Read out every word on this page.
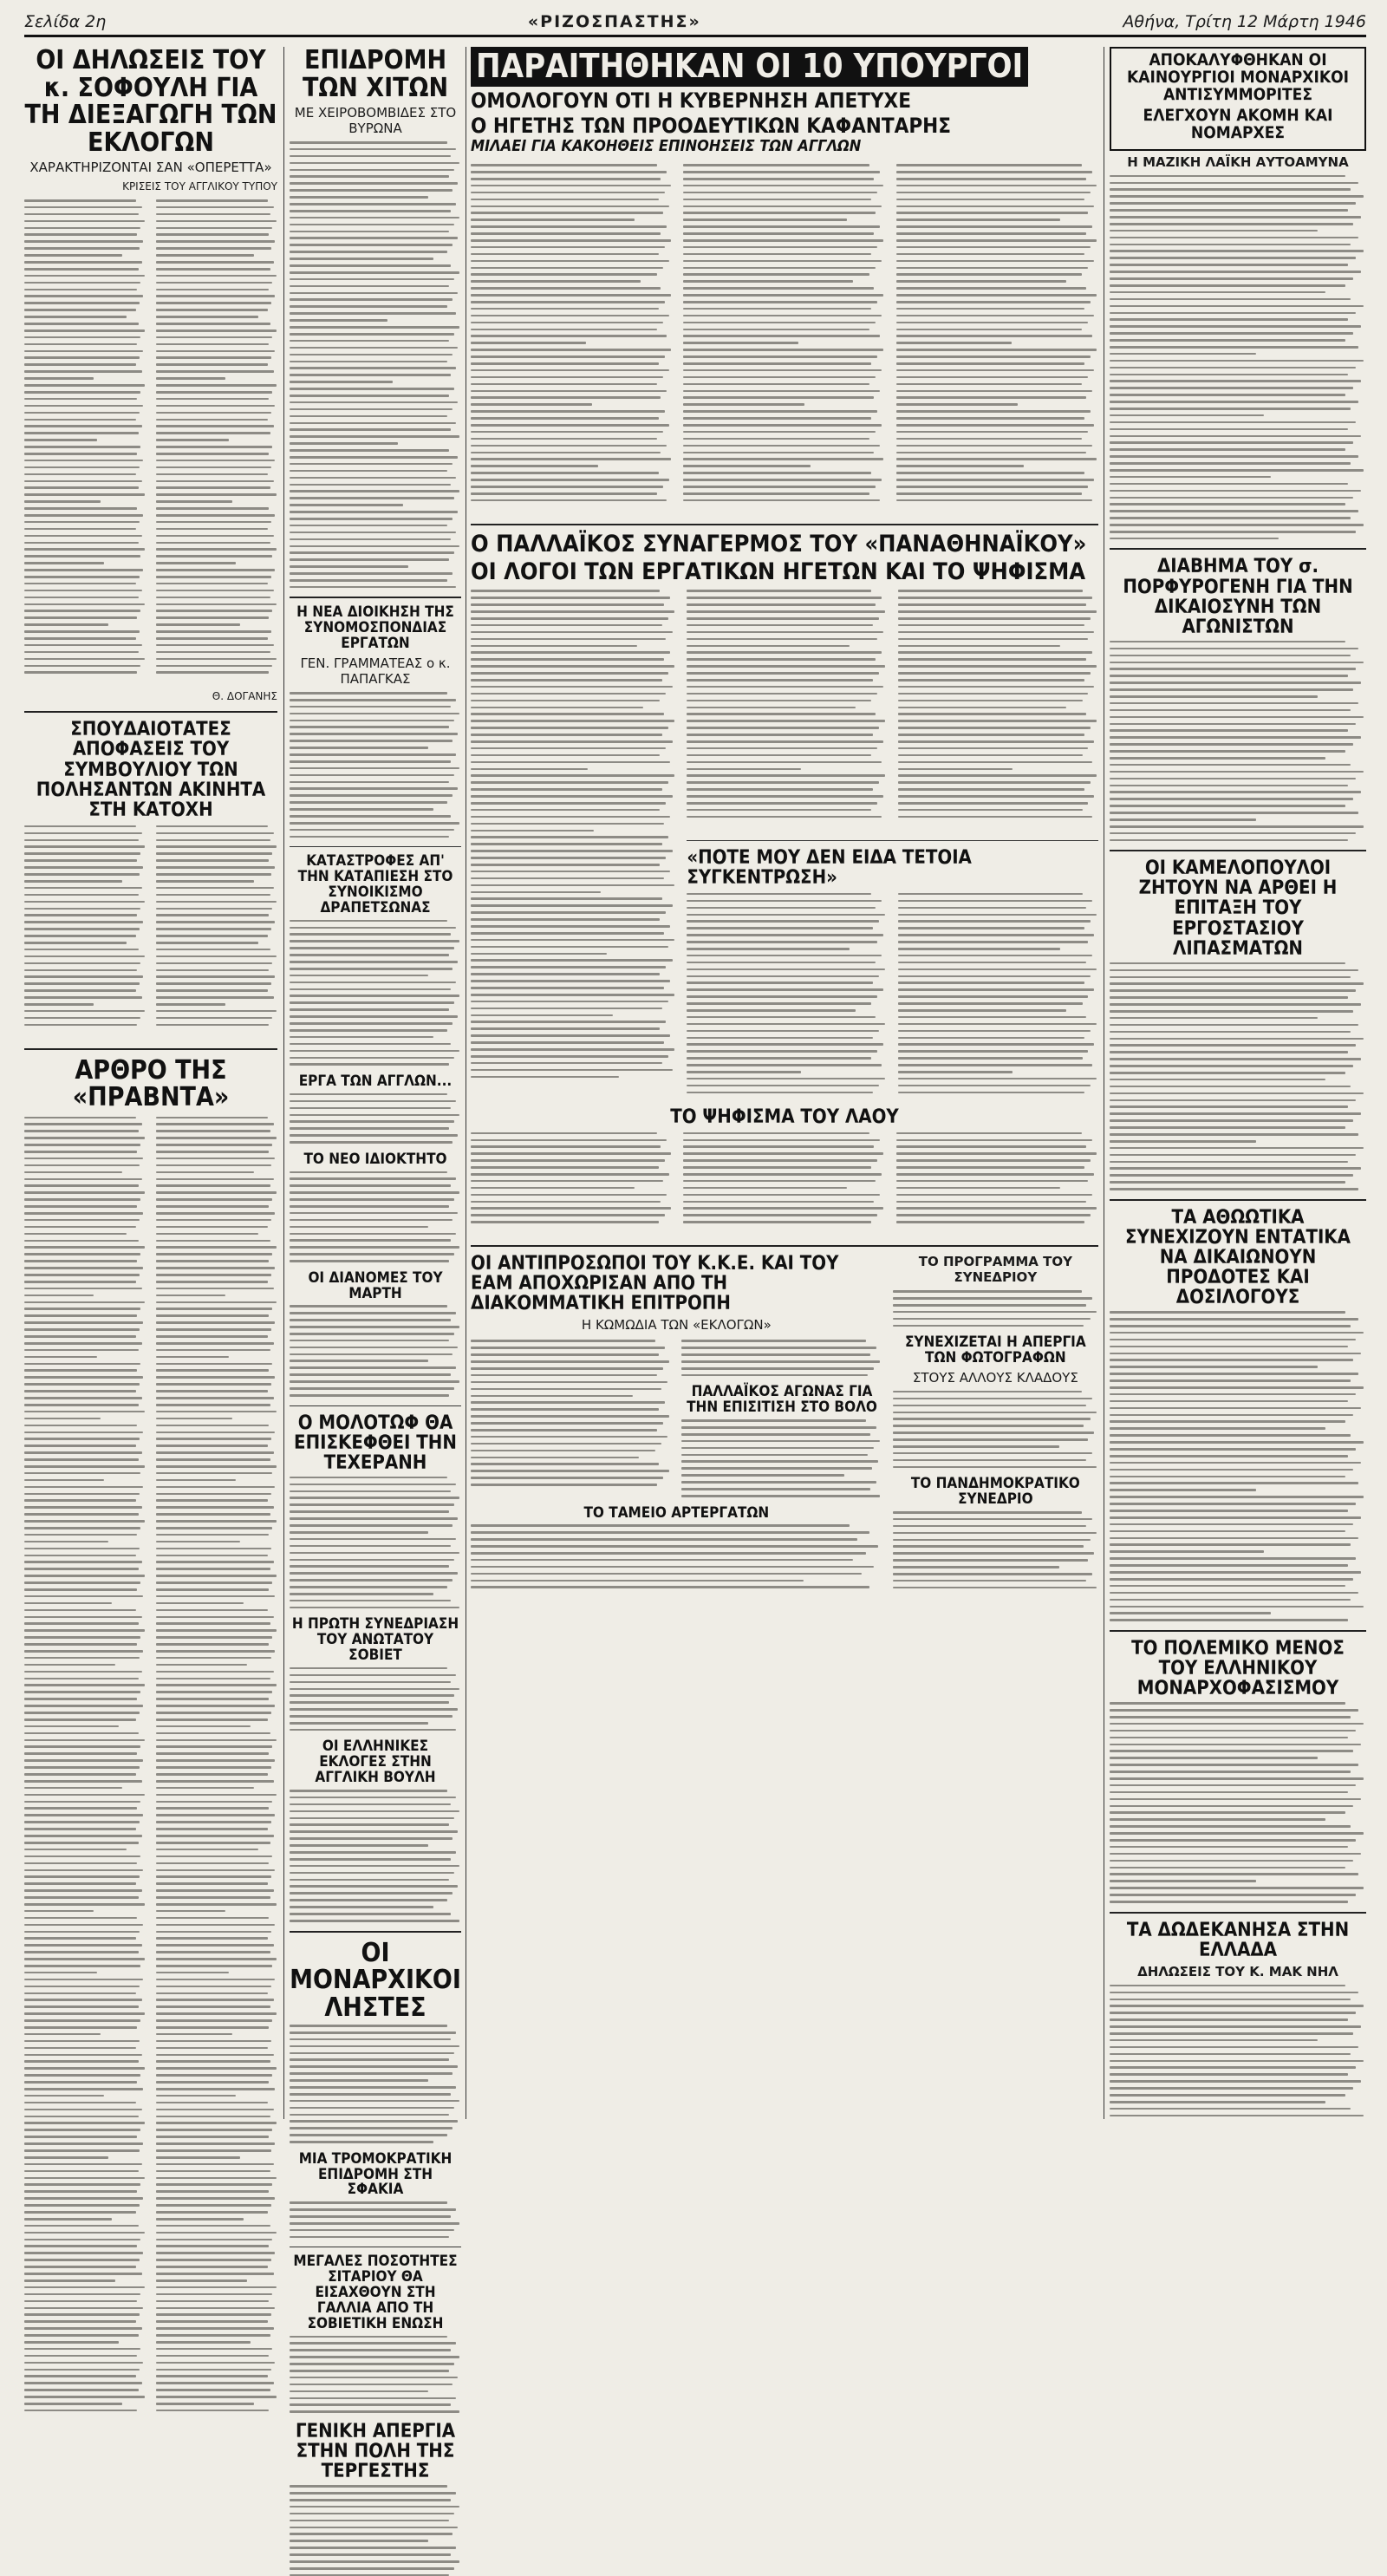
Σελίδα 2η	«ΡΙΖΟΣΠΑΣΤΗΣ»	Αθήνα, Τρίτη 12 Μάρτη 1946
ΟΙ ΔΗΛΩΣΕΙΣ ΤΟΥ κ. ΣΟΦΟΥΛΗ ΓΙΑ ΤΗ ΔΙΕΞΑΓΩΓΗ ΤΩΝ ΕΚΛΟΓΩΝ
ΧΑΡΑΚΤΗΡΙΖΟΝΤΑΙ ΣΑΝ «ΟΠΕΡΕΤΤΑ»
ΚΡΙΣΕΙΣ ΤΟΥ ΑΓΓΛΙΚΟΥ ΤΥΠΟΥ
Θ. ΔΟΓΑΝΗΣ
ΣΠΟΥΔΑΙΟΤΑΤΕΣ ΑΠΟΦΑΣΕΙΣ ΤΟΥ ΣΥΜΒΟΥΛΙΟΥ ΤΩΝ ΠΟΛΗΣΑΝΤΩΝ ΑΚΙΝΗΤΑ ΣΤΗ ΚΑΤΟΧΗ
ΑΡΘΡΟ ΤΗΣ «ΠΡΑΒΝΤΑ»
ΕΠΙΔΡΟΜΗ ΤΩΝ ΧΙΤΩΝ
ΜΕ ΧΕΙΡΟΒΟΜΒΙΔΕΣ ΣΤΟ ΒΥΡΩΝΑ
Η ΝΕΑ ΔΙΟΙΚΗΣΗ ΤΗΣ ΣΥΝΟΜΟΣΠΟΝΔΙΑΣ ΕΡΓΑΤΩΝ
ΓΕΝ. ΓΡΑΜΜΑΤΕΑΣ ο κ. ΠΑΠΑΓΚΑΣ
ΚΑΤΑΣΤΡΟΦΕΣ ΑΠ' ΤΗΝ ΚΑΤΑΠΙΕΣΗ ΣΤΟ ΣΥΝΟΙΚΙΣΜΟ ΔΡΑΠΕΤΣΩΝΑΣ
ΕΡΓΑ ΤΩΝ ΑΓΓΛΩΝ...
ΤΟ ΝΕΟ ΙΔΙΟΚΤΗΤΟ
ΟΙ ΔΙΑΝΟΜΕΣ ΤΟΥ ΜΑΡΤΗ
Ο ΜΟΛΟΤΩΦ ΘΑ ΕΠΙΣΚΕΦΘΕΙ ΤΗΝ ΤΕΧΕΡΑΝΗ
Η ΠΡΩΤΗ ΣΥΝΕΔΡΙΑΣΗ ΤΟΥ ΑΝΩΤΑΤΟΥ ΣΟΒΙΕΤ
ΟΙ ΕΛΛΗΝΙΚΕΣ ΕΚΛΟΓΕΣ ΣΤΗΝ ΑΓΓΛΙΚΗ ΒΟΥΛΗ
ΟΙ ΜΟΝΑΡΧΙΚΟΙ ΛΗΣΤΕΣ
ΜΙΑ ΤΡΟΜΟΚΡΑΤΙΚΗ ΕΠΙΔΡΟΜΗ ΣΤΗ ΣΦΑΚΙΑ
ΜΕΓΑΛΕΣ ΠΟΣΟΤΗΤΕΣ ΣΙΤΑΡΙΟΥ ΘΑ ΕΙΣΑΧΘΟΥΝ ΣΤΗ ΓΑΛΛΙΑ ΑΠΟ ΤΗ ΣΟΒΙΕΤΙΚΗ ΕΝΩΣΗ
ΓΕΝΙΚΗ ΑΠΕΡΓΙΑ ΣΤΗΝ ΠΟΛΗ ΤΗΣ ΤΕΡΓΕΣΤΗΣ
ΠΑΡΑΙΤΗΘΗΚΑΝ ΟΙ 10 ΥΠΟΥΡΓΟΙ
ΟΜΟΛΟΓΟΥΝ ΟΤΙ Η ΚΥΒΕΡΝΗΣΗ ΑΠΕΤΥΧΕ
Ο ΗΓΕΤΗΣ ΤΩΝ ΠΡΟΟΔΕΥΤΙΚΩΝ ΚΑΦΑΝΤΑΡΗΣ
ΜΙΛΑΕΙ ΓΙΑ ΚΑΚΟΗΘΕΙΣ ΕΠΙΝΟΗΣΕΙΣ ΤΩΝ ΑΓΓΛΩΝ
Ο ΠΑΛΛΑΪΚΟΣ ΣΥΝΑΓΕΡΜΟΣ ΤΟΥ «ΠΑΝΑΘΗΝΑΪΚΟΥ»
ΟΙ ΛΟΓΟΙ ΤΩΝ ΕΡΓΑΤΙΚΩΝ ΗΓΕΤΩΝ ΚΑΙ ΤΟ ΨΗΦΙΣΜΑ
«ΠΟΤΕ ΜΟΥ ΔΕΝ ΕΙΔΑ ΤΕΤΟΙΑ ΣΥΓΚΕΝΤΡΩΣΗ»
ΤΟ ΨΗΦΙΣΜΑ ΤΟΥ ΛΑΟΥ
ΟΙ ΑΝΤΙΠΡΟΣΩΠΟΙ ΤΟΥ Κ.Κ.Ε. ΚΑΙ ΤΟΥ ΕΑΜ ΑΠΟΧΩΡΙΣΑΝ ΑΠΟ ΤΗ ΔΙΑΚΟΜΜΑΤΙΚΗ ΕΠΙΤΡΟΠΗ
Η ΚΩΜΩΔΙΑ ΤΩΝ «ΕΚΛΟΓΩΝ»
ΠΑΛΛΑΪΚΟΣ ΑΓΩΝΑΣ ΓΙΑ ΤΗΝ ΕΠΙΣΙΤΙΣΗ ΣΤΟ ΒΟΛΟ
ΤΟ ΤΑΜΕΙΟ ΑΡΤΕΡΓΑΤΩΝ
ΤΟ ΠΡΟΓΡΑΜΜΑ ΤΟΥ ΣΥΝΕΔΡΙΟΥ
ΣΥΝΕΧΙΖΕΤΑΙ Η ΑΠΕΡΓΙΑ ΤΩΝ ΦΩΤΟΓΡΑΦΩΝ
ΣΤΟΥΣ ΑΛΛΟΥΣ ΚΛΑΔΟΥΣ
ΤΟ ΠΑΝΔΗΜΟΚΡΑΤΙΚΟ ΣΥΝΕΔΡΙΟ
ΑΠΟΚΑΛΥΦΘΗΚΑΝ ΟΙ ΚΑΙΝΟΥΡΓΙΟΙ ΜΟΝΑΡΧΙΚΟΙ ΑΝΤΙΣΥΜΜΟΡΙΤΕΣ
ΕΛΕΓΧΟΥΝ ΑΚΟΜΗ ΚΑΙ ΝΟΜΑΡΧΕΣ
Η ΜΑΖΙΚΗ ΛΑΪΚΗ ΑΥΤΟΑΜΥΝΑ
ΔΙΑΒΗΜΑ ΤΟΥ σ. ΠΟΡΦΥΡΟΓΕΝΗ ΓΙΑ ΤΗΝ ΔΙΚΑΙΟΣΥΝΗ ΤΩΝ ΑΓΩΝΙΣΤΩΝ
ΟΙ ΚΑΜΕΛΟΠΟΥΛΟΙ ΖΗΤΟΥΝ ΝΑ ΑΡΘΕΙ Η ΕΠΙΤΑΞΗ ΤΟΥ ΕΡΓΟΣΤΑΣΙΟΥ ΛΙΠΑΣΜΑΤΩΝ
ΤΑ ΑΘΩΩΤΙΚΑ ΣΥΝΕΧΙΖΟΥΝ ΕΝΤΑΤΙΚΑ ΝΑ ΔΙΚΑΙΩΝΟΥΝ ΠΡΟΔΟΤΕΣ ΚΑΙ ΔΟΣΙΛΟΓΟΥΣ
ΤΟ ΠΟΛΕΜΙΚΟ ΜΕΝΟΣ ΤΟΥ ΕΛΛΗΝΙΚΟΥ ΜΟΝΑΡΧΟΦΑΣΙΣΜΟΥ
ΤΑ ΔΩΔΕΚΑΝΗΣΑ ΣΤΗΝ ΕΛΛΑΔΑ
ΔΗΛΩΣΕΙΣ ΤΟΥ Κ. ΜΑΚ ΝΗΛ
